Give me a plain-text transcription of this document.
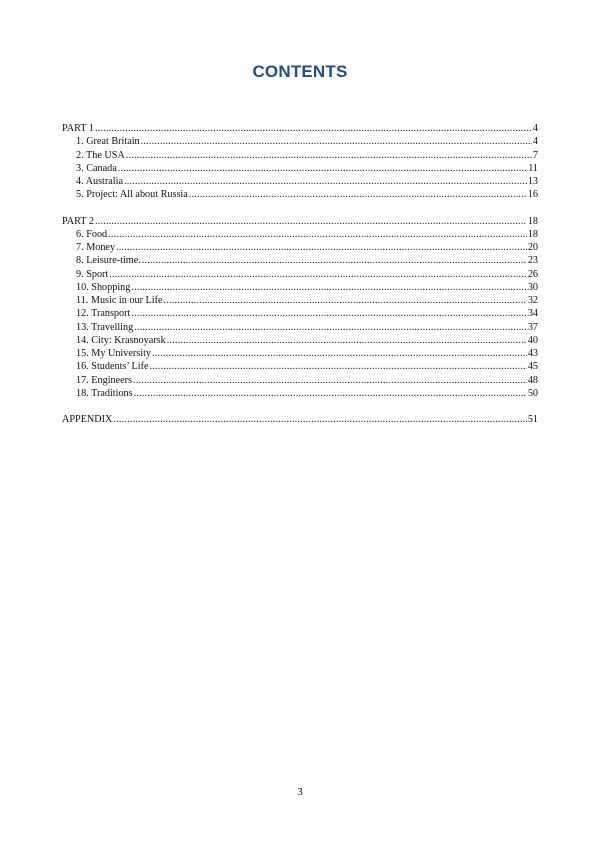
CONTENTS
PART 1 .....	4
1. Great Britain .....	4
2. The USA .....	7
3. Canada .....	11
4. Australia .....	13
5. Project: All about Russia .....	16
PART 2 .....	18
6. Food .....	18
7. Money .....	20
8. Leisure-time. .....	23
9. Sport .....	26
10. Shopping .....	30
11. Music in our Life .....	32
12. Transport .....	34
13. Travelling .....	37
14. City: Krasnoyarsk .....	40
15. My University .....	43
16. Students’ Life .....	45
17. Engineers .....	48
18. Traditions .....	50
APPENDIX .....	51
3
